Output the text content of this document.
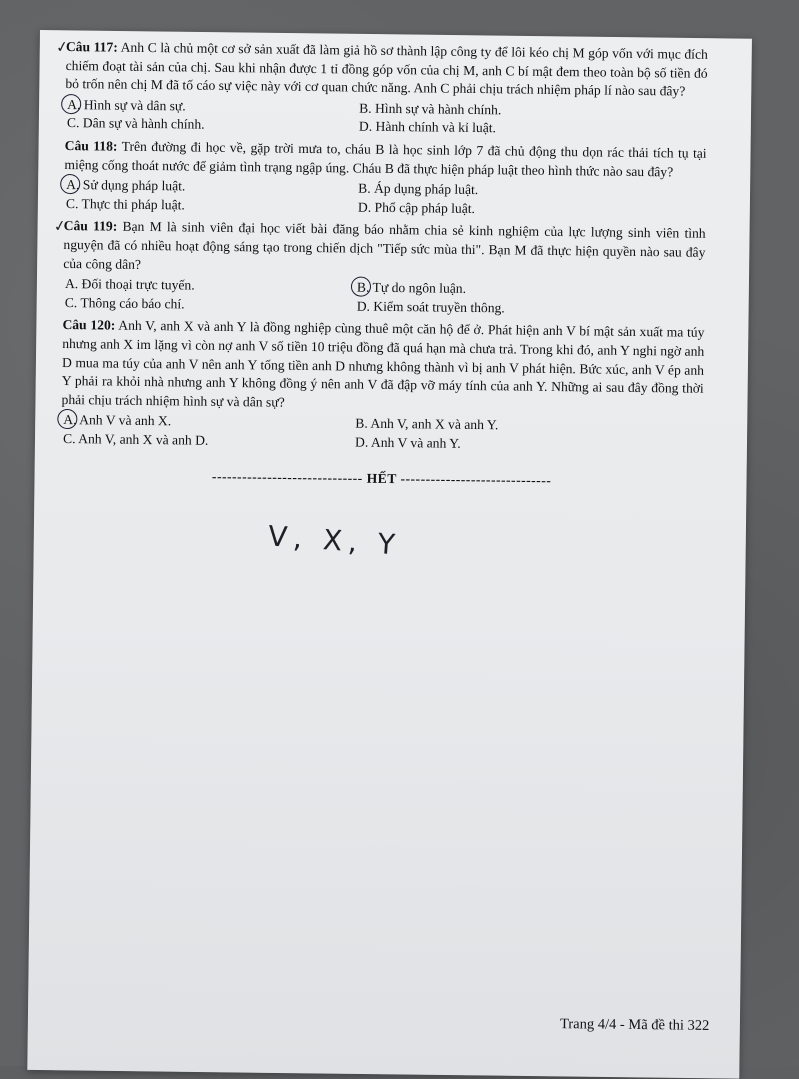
✓

Câu 117: Anh C là chủ một cơ sở sản xuất đã làm giả hồ sơ thành lập công ty để lôi kéo chị M góp vốn với mục đích chiếm đoạt tài sản của chị. Sau khi nhận được 1 tỉ đồng góp vốn của chị M, anh C bí mật đem theo toàn bộ số tiền đó bỏ trốn nên chị M đã tố cáo sự việc này với cơ quan chức năng. Anh C phải chịu trách nhiệm pháp lí nào sau đây?

A. Hình sự và dân sự.	B. Hình sự và hành chính.
C. Dân sự và hành chính.	D. Hành chính và kỉ luật.

Câu 118: Trên đường đi học về, gặp trời mưa to, cháu B là học sinh lớp 7 đã chủ động thu dọn rác thải tích tụ tại miệng cống thoát nước để giảm tình trạng ngập úng. Cháu B đã thực hiện pháp luật theo hình thức nào sau đây?

A. Sử dụng pháp luật.	B. Áp dụng pháp luật.
C. Thực thi pháp luật.	D. Phổ cập pháp luật.
✓

Câu 119: Bạn M là sinh viên đại học viết bài đăng báo nhằm chia sẻ kinh nghiệm của lực lượng sinh viên tình nguyện đã có nhiều hoạt động sáng tạo trong chiến dịch "Tiếp sức mùa thi". Bạn M đã thực hiện quyền nào sau đây của công dân?

A. Đối thoại trực tuyến.	B. Tự do ngôn luận.
C. Thông cáo báo chí.	D. Kiểm soát truyền thông.

Câu 120: Anh V, anh X và anh Y là đồng nghiệp cùng thuê một căn hộ để ở. Phát hiện anh V bí mật sản xuất ma túy nhưng anh X im lặng vì còn nợ anh V số tiền 10 triệu đồng đã quá hạn mà chưa trả. Trong khi đó, anh Y nghi ngờ anh D mua ma túy của anh V nên anh Y tống tiền anh D nhưng không thành vì bị anh V phát hiện. Bức xúc, anh V ép anh Y phải ra khỏi nhà nhưng anh Y không đồng ý nên anh V đã đập vỡ máy tính của anh Y. Những ai sau đây đồng thời phải chịu trách nhiệm hình sự và dân sự?

A. Anh V và anh X.	B. Anh V, anh X và anh Y.
C. Anh V, anh X và anh D.	D. Anh V và anh Y.
------------------------------ HẾT ------------------------------
V, X, Y
Trang 4/4 - Mã đề thi 322
